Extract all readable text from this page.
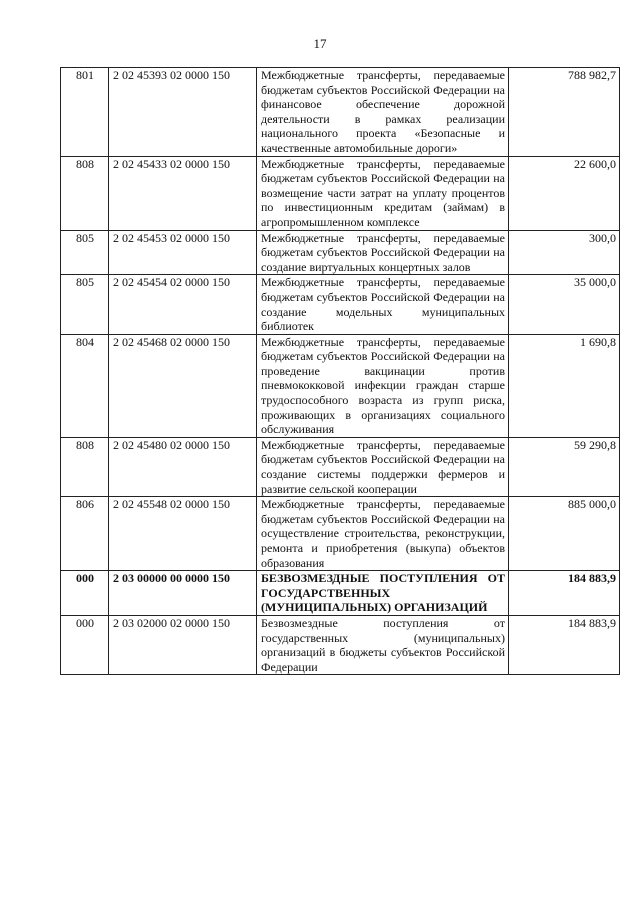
17
801	2 02 45393 02 0000 150	Межбюджетные трансферты, передаваемые бюджетам субъектов Российской Федерации на финансовое обеспечение дорожной деятельности в рамках реализации национального проекта «Безопасные и качественные автомобильные дороги»	788 982,7
808	2 02 45433 02 0000 150	Межбюджетные трансферты, передаваемые бюджетам субъектов Российской Федерации на возмещение части затрат на уплату процентов по инвестиционным кредитам (займам) в агропромышленном комплексе	22 600,0
805	2 02 45453 02 0000 150	Межбюджетные трансферты, передаваемые бюджетам субъектов Российской Федерации на создание виртуальных концертных залов	300,0
805	2 02 45454 02 0000 150	Межбюджетные трансферты, передаваемые бюджетам субъектов Российской Федерации на создание модельных муниципальных библиотек	35 000,0
804	2 02 45468 02 0000 150	Межбюджетные трансферты, передаваемые бюджетам субъектов Российской Федерации на проведение вакцинации против пневмококковой инфекции граждан старше трудоспособного возраста из групп риска, проживающих в организациях социального обслуживания	1 690,8
808	2 02 45480 02 0000 150	Межбюджетные трансферты, передаваемые бюджетам субъектов Российской Федерации на создание системы поддержки фермеров и развитие сельской кооперации	59 290,8
806	2 02 45548 02 0000 150	Межбюджетные трансферты, передаваемые бюджетам субъектов Российской Федерации на осуществление строительства, реконструкции, ремонта и приобретения (выкупа) объектов образования	885 000,0
000	2 03 00000 00 0000 150	БЕЗВОЗМЕЗДНЫЕ ПОСТУПЛЕНИЯ ОТ ГОСУДАРСТВЕННЫХ (МУНИЦИПАЛЬНЫХ) ОРГАНИЗАЦИЙ	184 883,9
000	2 03 02000 02 0000 150	Безвозмездные поступления от государственных (муниципальных) организаций в бюджеты субъектов Российской Федерации	184 883,9
